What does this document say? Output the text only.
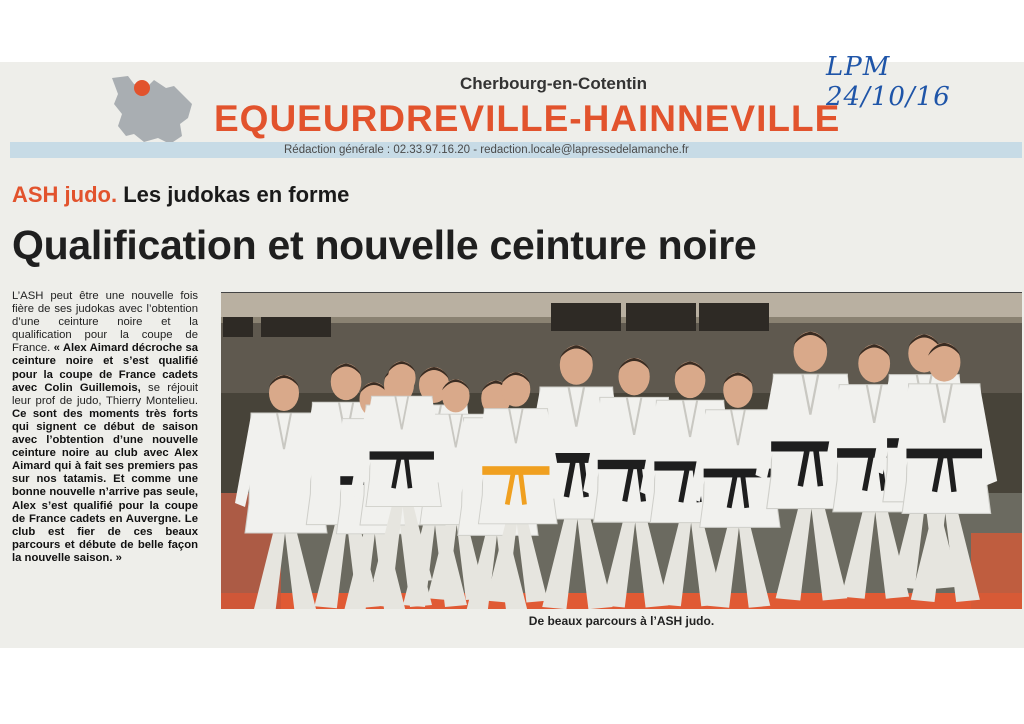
LPM 24/10/16
Cherbourg-en-Cotentin
EQUEURDREVILLE-HAINNEVILLE
Rédaction générale : 02.33.97.16.20 - redaction.locale@lapressedelamanche.fr
ASH judo. Les judokas en forme
Qualification et nouvelle ceinture noire

L’ASH peut être une nouvelle fois fière de ses judokas avec l’obtention d’une ceinture noire et la qualification pour la coupe de France. « Alex Aimard décroche sa ceinture noire et s’est qualifié pour la coupe de France cadets avec Colin Guillemois, se réjouit leur prof de judo, Thierry Montelieu. Ce sont des moments très forts qui signent ce début de saison avec l’obtention d’une nouvelle ceinture noire au club avec Alex Aimard qui à fait ses premiers pas sur nos tatamis. Et comme une bonne nouvelle n’arrive pas seule, Alex s’est qualifié pour la coupe de France cadets en Auvergne. Le club est fier de ces beaux parcours et débute de belle façon la nouvelle saison. »

De beaux parcours à l’ASH judo.
